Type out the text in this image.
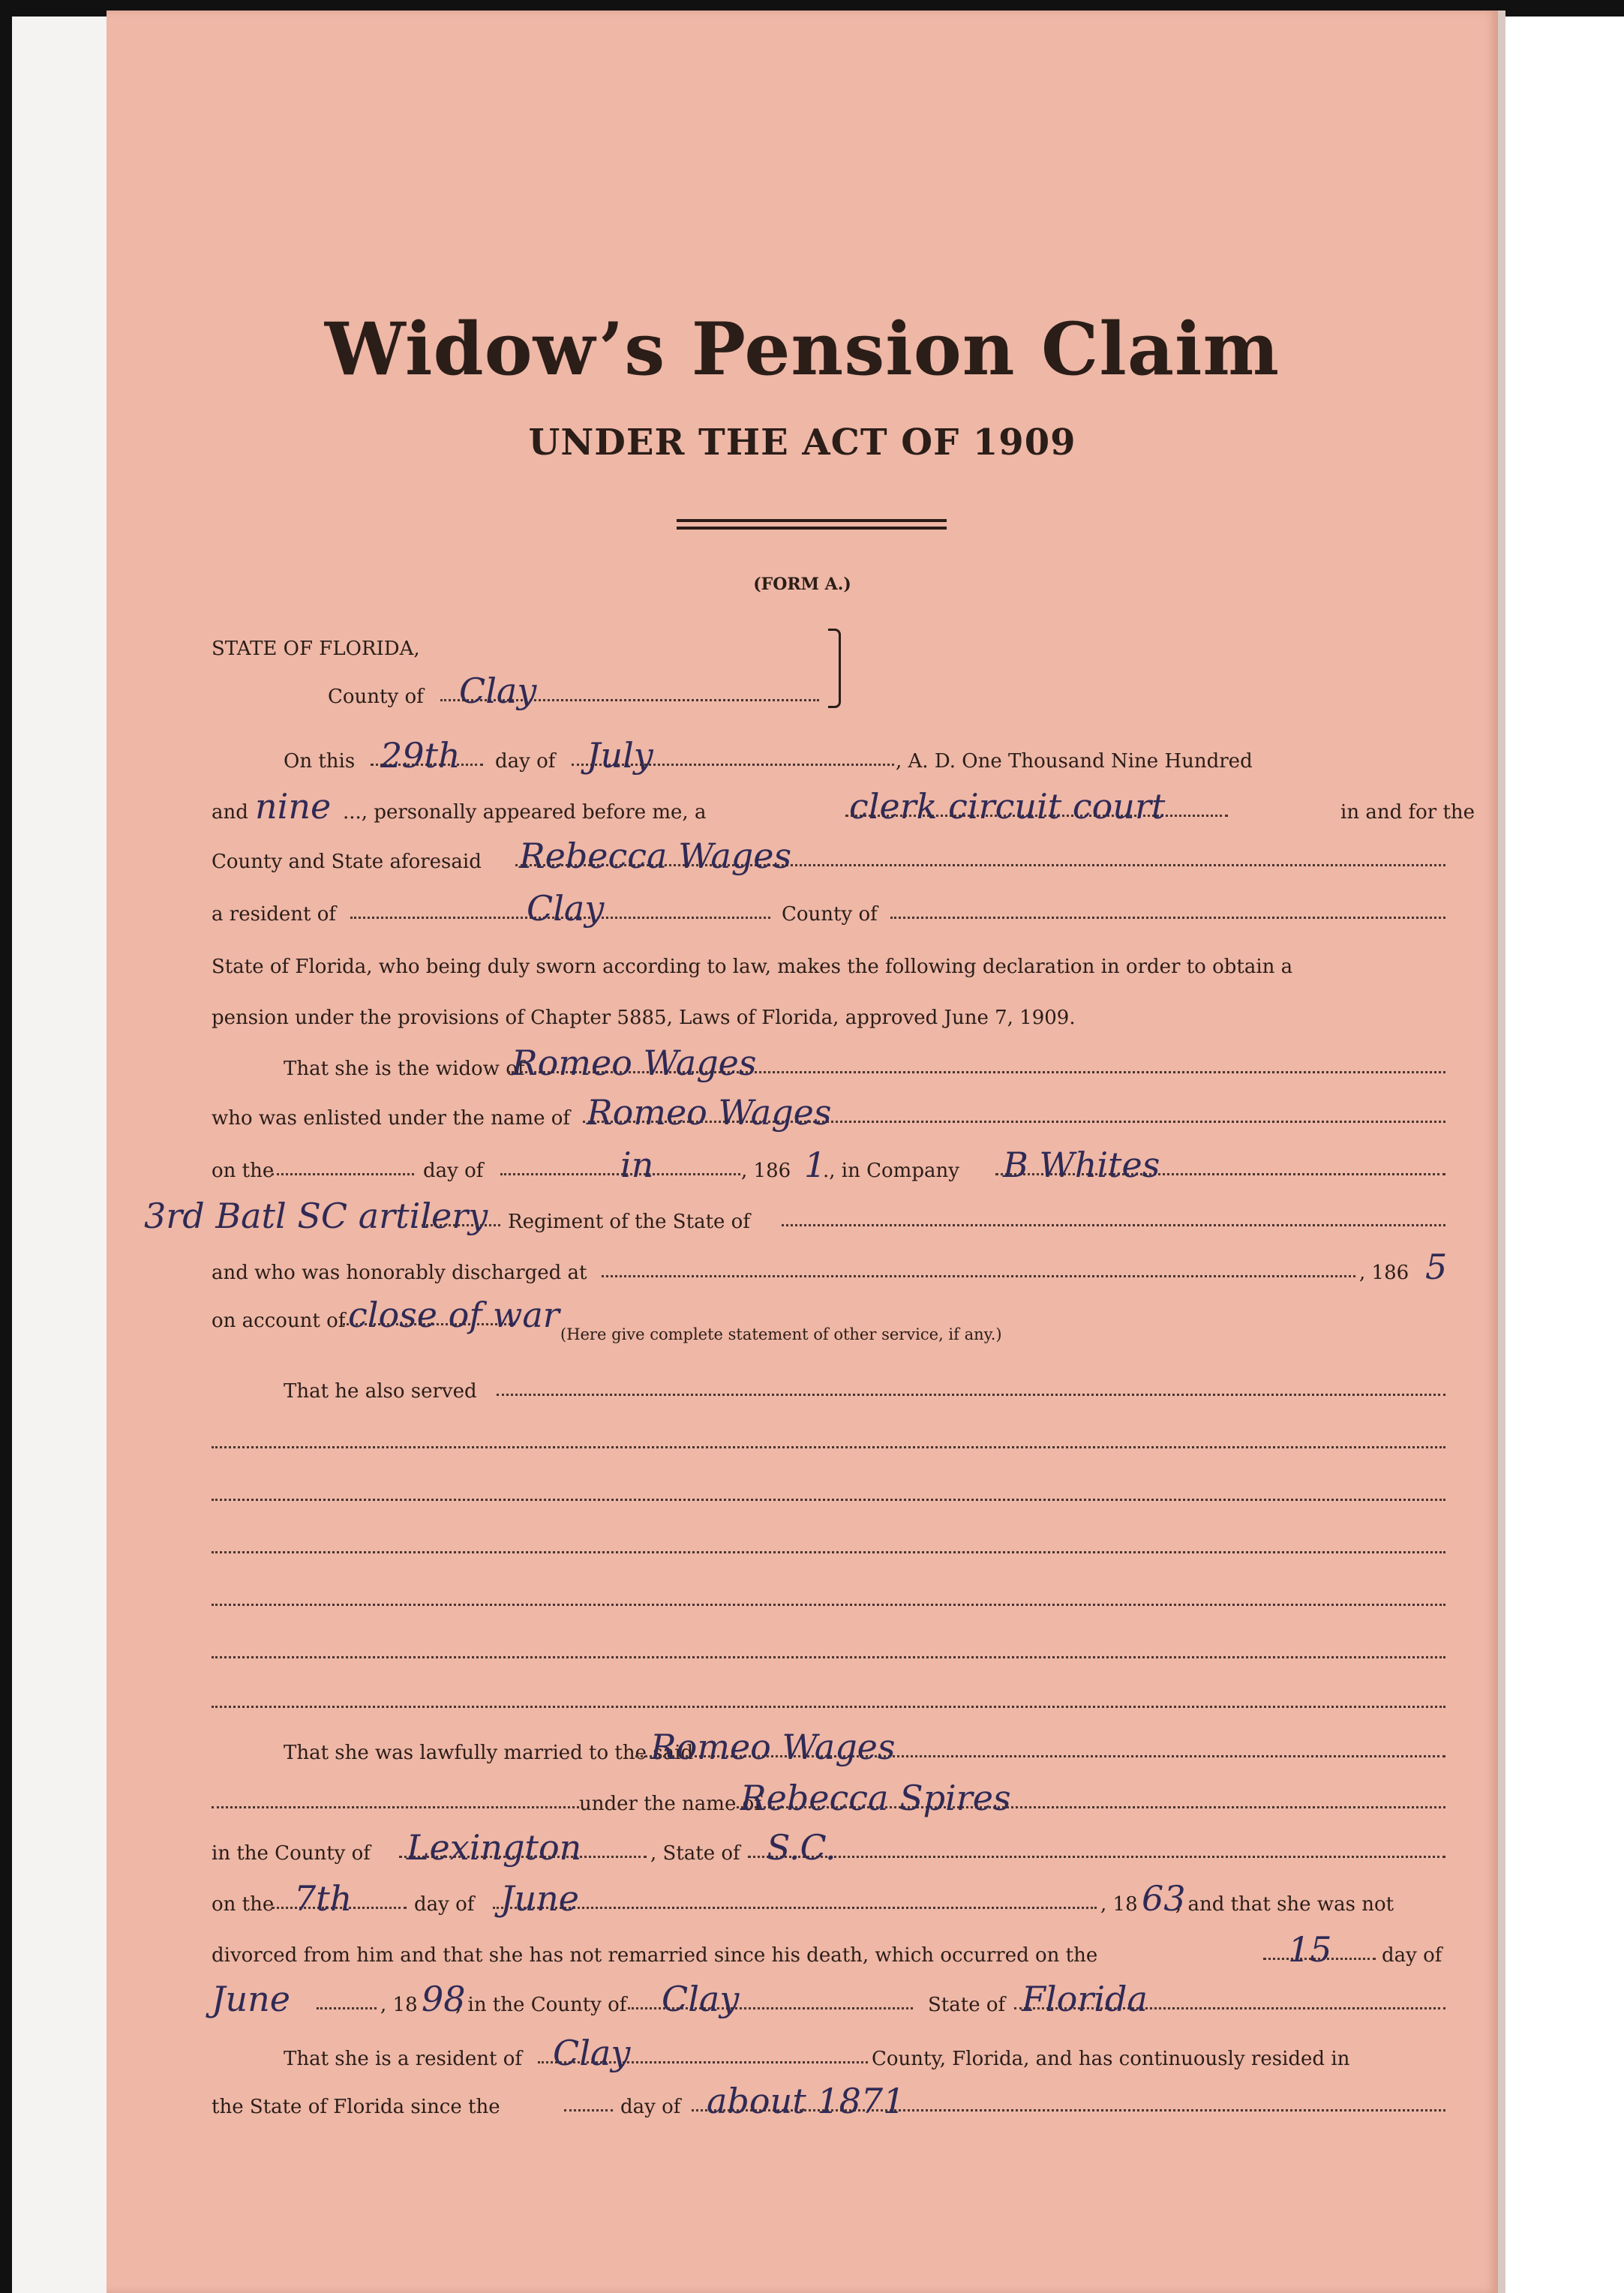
Widow’s Pension Claim
UNDER THE ACT OF 1909
(FORM A.)
STATE OF FLORIDA,
County of Clay
On this 29th day of July	, A. D. One Thousand Nine Hundred
and nine ..., personally appeared before me, a	clerk circuit court	in and for the
County and State aforesaid Rebecca Wages
a resident of	Clay	County of
State of Florida, who being duly sworn according to law, makes the following declaration in order to obtain a
pension under the provisions of Chapter 5885, Laws of Florida, approved June 7, 1909.
That she is the widow of
Romeo Wages
who was enlisted under the name of Romeo Wages
on the	day of	in	, 186 1
., in Company B Whites
3rd Batl SC artilery Regiment of the State of
and who was honorably discharged at	, 186 5
on account of close of war (Here give complete statement of other service, if any.)
That he also served
That she was lawfully married to the said
Romeo Wages
under the name of
Rebecca Spires
in the County of Lexington	, State of S.C.
on the 7th	day of June	, 18 63
, and that she was not
divorced from him and that she has not remarried since his death, which occurred on the	15	day of
June	, 18 98
, in the County of Clay	State of Florida
That she is a resident of Clay	County, Florida, and has continuously resided in
the State of Florida since the	day of about 1871
